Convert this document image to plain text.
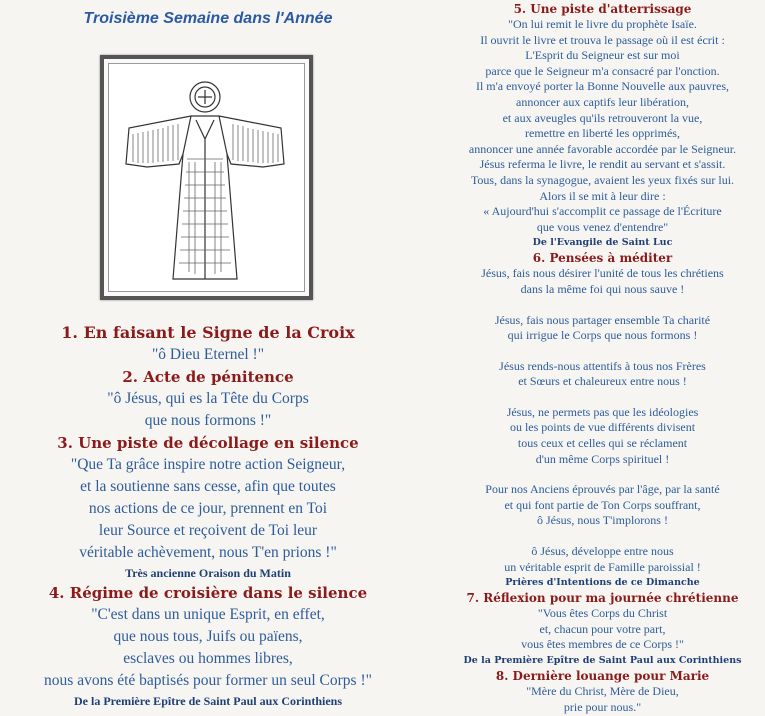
Troisième Semaine dans l'Année
1. En faisant le Signe de la Croix
"ô Dieu Eternel !"
2. Acte de pénitence
"ô Jésus, qui es la Tête du Corps
que nous formons !"
3. Une piste de décollage en silence
"Que Ta grâce inspire notre action Seigneur,
et la soutienne sans cesse, afin que toutes
nos actions de ce jour, prennent en Toi
leur Source et reçoivent de Toi leur
véritable achèvement, nous T'en prions !"
Très ancienne Oraison du Matin
4. Régime de croisière dans le silence
"C'est dans un unique Esprit, en effet,
que nous tous, Juifs ou païens,
esclaves ou hommes libres,
nous avons été baptisés pour former un seul Corps !"
De la Première Epître de Saint Paul aux Corinthiens
5. Une piste d'atterrissage
"On lui remit le livre du prophète Isaïe.
Il ouvrit le livre et trouva le passage où il est écrit :
L'Esprit du Seigneur est sur moi
parce que le Seigneur m'a consacré par l'onction.
Il m'a envoyé porter la Bonne Nouvelle aux pauvres,
annoncer aux captifs leur libération,
et aux aveugles qu'ils retrouveront la vue,
remettre en liberté les opprimés,
annoncer une année favorable accordée par le Seigneur.
Jésus referma le livre, le rendit au servant et s'assit.
Tous, dans la synagogue, avaient les yeux fixés sur lui.
Alors il se mit à leur dire :
« Aujourd'hui s'accomplit ce passage de l'Écriture
que vous venez d'entendre"
De l'Evangile de Saint Luc
6. Pensées à méditer
Jésus, fais nous désirer l'unité de tous les chrétiens
dans la même foi qui nous sauve !
Jésus, fais nous partager ensemble Ta charité
qui irrigue le Corps que nous formons !
Jésus rends-nous attentifs à tous nos Frères
et Sœurs et chaleureux entre nous !
Jésus, ne permets pas que les idéologies
ou les points de vue différents divisent
tous ceux et celles qui se réclament
d'un même Corps spirituel !
Pour nos Anciens éprouvés par l'âge, par la santé
et qui font partie de Ton Corps souffrant,
ô Jésus, nous T'implorons !
ô Jésus, développe entre nous
un véritable esprit de Famille paroissial !
Prières d'Intentions de ce Dimanche
7. Réflexion pour ma journée chrétienne
"Vous êtes Corps du Christ
et, chacun pour votre part,
vous êtes membres de ce Corps !"
De la Première Epître de Saint Paul aux Corinthiens
8. Dernière louange pour Marie
"Mère du Christ, Mère de Dieu,
prie pour nous."
